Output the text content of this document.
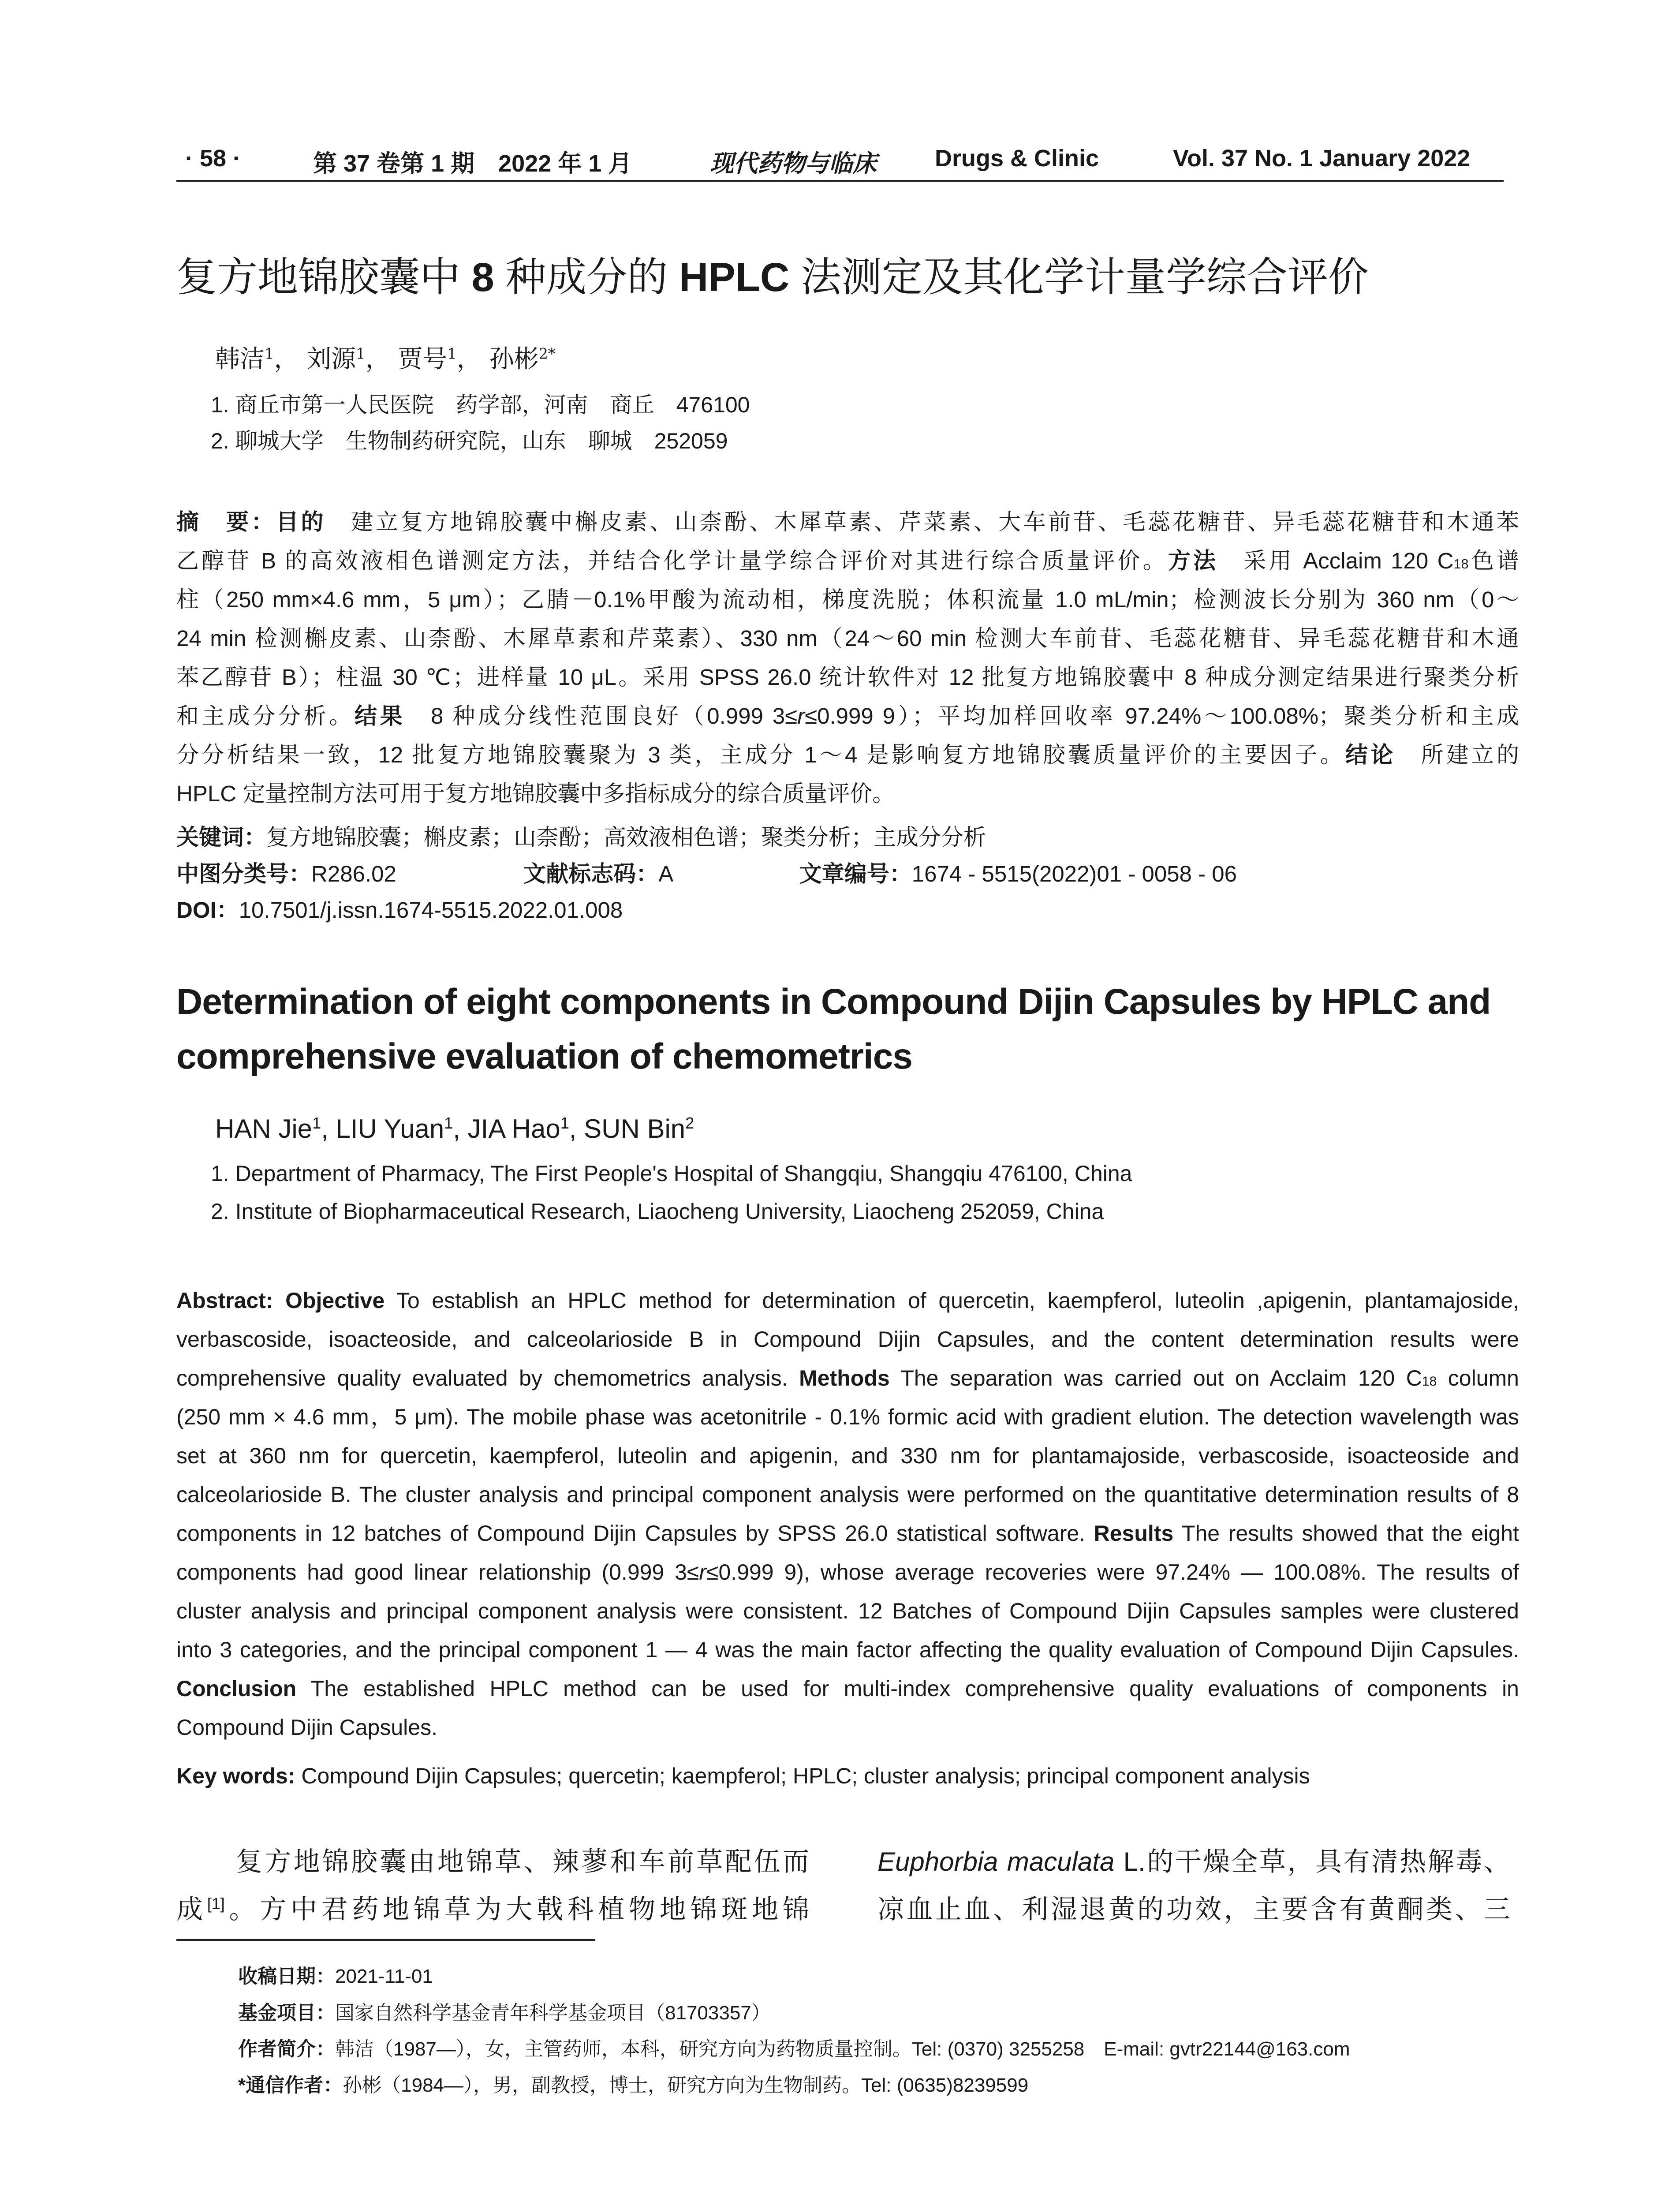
· 58 ·	第 37 卷第 1 期　2022 年 1 月	现代药物与临床 Drugs & Clinic	Vol. 37 No. 1 January 2022
复方地锦胶囊中 8 种成分的 HPLC 法测定及其化学计量学综合评价
韩洁$^1$， 刘源$^1$， 贾号$^1$， 孙彬$^{2*}$
1. 商丘市第一人民医院　药学部，河南　商丘　476100
2. 聊城大学　生物制药研究院，山东　聊城　252059

摘　要：目的　 建立复方地锦胶囊中槲皮素、山柰酚、木犀草素、芹菜素、大车前苷、毛蕊花糖苷、异毛蕊花糖苷和木通苯

乙醇苷 B 的高效液相色谱测定方法，并结合化学计量学综合评价对其进行综合质量评价。方法　 采用 Acclaim 120 C18色谱

柱（250 mm×4.6 mm，5 μm）；乙腈－0.1%甲酸为流动相，梯度洗脱；体积流量 1.0 mL/min；检测波长分别为 360 nm（0～

24 min 检测槲皮素、山柰酚、木犀草素和芹菜素）、330 nm（24～60 min 检测大车前苷、毛蕊花糖苷、异毛蕊花糖苷和木通

苯乙醇苷 B）；柱温 30 ℃；进样量 10 μL。采用 SPSS 26.0 统计软件对 12 批复方地锦胶囊中 8 种成分测定结果进行聚类分析

和主成分分析。结果　 8 种成分线性范围良好（0.999 3≤r≤0.999 9）；平均加样回收率 97.24%～100.08%；聚类分析和主成

分分析结果一致，12 批复方地锦胶囊聚为 3 类，主成分 1～4 是影响复方地锦胶囊质量评价的主要因子。结论　 所建立的

HPLC 定量控制方法可用于复方地锦胶囊中多指标成分的综合质量评价。

关键词：复方地锦胶囊；槲皮素；山柰酚；高效液相色谱；聚类分析；主成分分析
中图分类号：R286.02	文献标志码：A	文章编号：1674 - 5515(2022)01 - 0058 - 06
DOI：10.7501/j.issn.1674-5515.2022.01.008
Determination of eight components in Compound Dijin Capsules by HPLC and
comprehensive evaluation of chemometrics
HAN Jie$^1$, LIU Yuan$^1$, JIA Hao$^1$, SUN Bin$^2$
1. Department of Pharmacy, The First People's Hospital of Shangqiu, Shangqiu 476100, China
2. Institute of Biopharmaceutical Research, Liaocheng University, Liaocheng 252059, China

Abstract: Objective To establish an HPLC method for determination of quercetin, kaempferol, luteolin ,apigenin, plantamajoside,

verbascoside, isoacteoside, and calceolarioside B in Compound Dijin Capsules, and the content determination results were

comprehensive quality evaluated by chemometrics analysis. Methods The separation was carried out on Acclaim 120 C18 column

(250 mm × 4.6 mm，5 μm). The mobile phase was acetonitrile - 0.1% formic acid with gradient elution. The detection wavelength was

set at 360 nm for quercetin, kaempferol, luteolin and apigenin, and 330 nm for plantamajoside, verbascoside, isoacteoside and

calceolarioside B. The cluster analysis and principal component analysis were performed on the quantitative determination results of 8

components in 12 batches of Compound Dijin Capsules by SPSS 26.0 statistical software. Results The results showed that the eight

components had good linear relationship (0.999 3≤r≤0.999 9), whose average recoveries were 97.24% — 100.08%. The results of

cluster analysis and principal component analysis were consistent. 12 Batches of Compound Dijin Capsules samples were clustered

into 3 categories, and the principal component 1 — 4 was the main factor affecting the quality evaluation of Compound Dijin Capsules.

Conclusion The established HPLC method can be used for multi-index comprehensive quality evaluations of components in

Compound Dijin Capsules.

Key words: Compound Dijin Capsules; quercetin; kaempferol; HPLC; cluster analysis; principal component analysis

复方地锦胶囊由地锦草、辣蓼和车前草配伍而

成[1]。方中君药地锦草为大戟科植物地锦斑地锦

Euphorbia maculata L.的干燥全草，具有清热解毒、

凉血止血、利湿退黄的功效，主要含有黄酮类、三

收稿日期：2021-11-01
基金项目：国家自然科学基金青年科学基金项目（81703357）
作者简介：韩洁（1987—），女，主管药师，本科，研究方向为药物质量控制。Tel: (0370) 3255258　E-mail: gvtr22144@163.com
*通信作者：孙彬（1984—），男，副教授，博士，研究方向为生物制药。Tel: (0635)8239599
